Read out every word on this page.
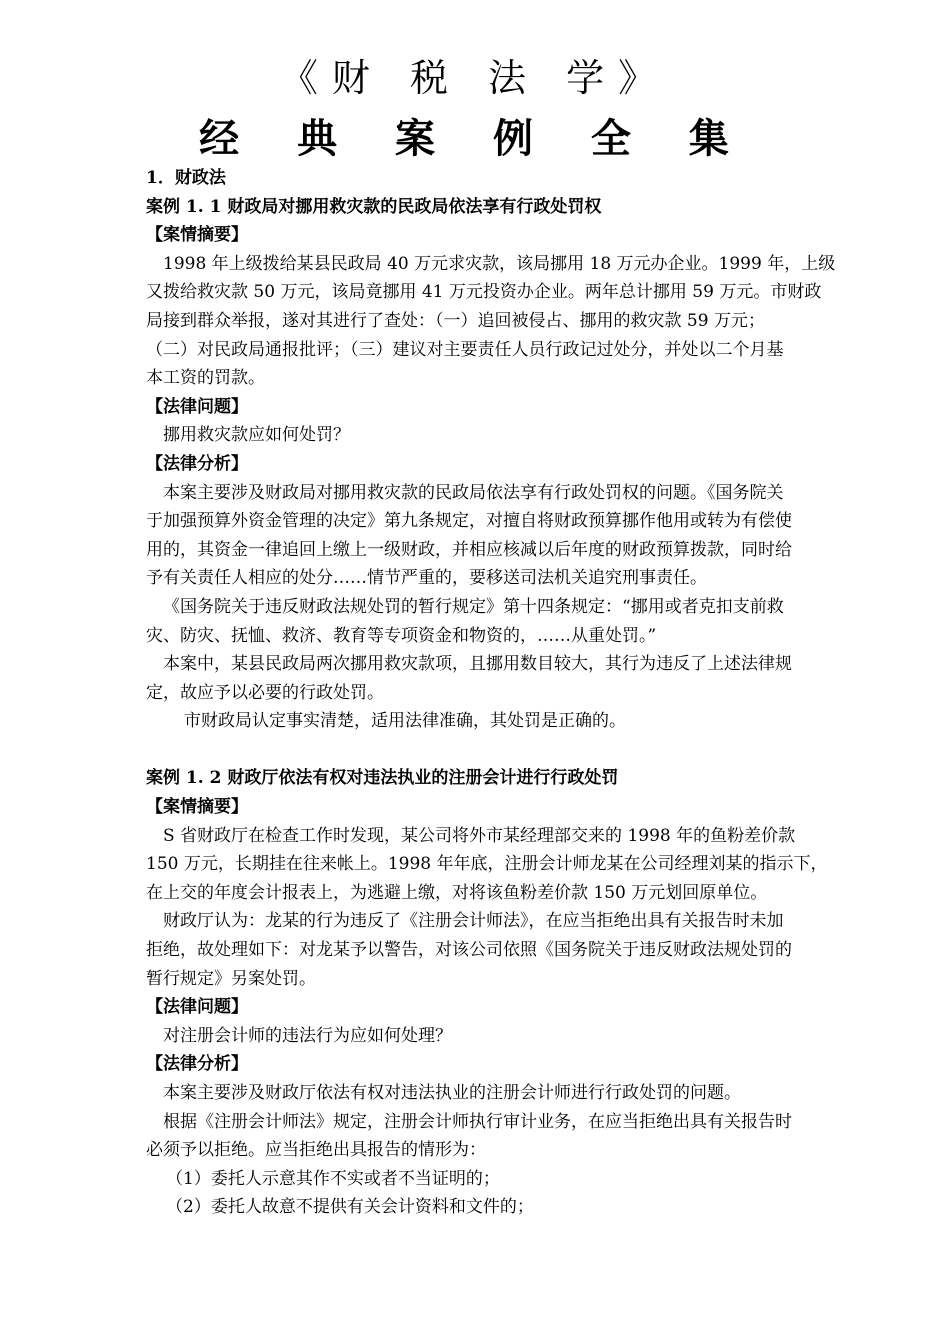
《财 税 法 学》
经 典 案 例 全 集
1．财政法
案例 1. 1 财政局对挪用救灾款的民政局依法享有行政处罚权
【案情摘要】
1998 年上级拨给某县民政局 40 万元求灾款，该局挪用 18 万元办企业。1999 年，上级
又拨给救灾款 50 万元，该局竟挪用 41 万元投资办企业。两年总计挪用 59 万元。市财政
局接到群众举报，遂对其进行了查处：（一）追回被侵占、挪用的救灾款 59 万元；
（二）对民政局通报批评；（三）建议对主要责任人员行政记过处分，并处以二个月基
本工资的罚款。
【法律问题】
挪用救灾款应如何处罚？
【法律分析】
本案主要涉及财政局对挪用救灾款的民政局依法享有行政处罚权的问题。《国务院关
于加强预算外资金管理的决定》第九条规定，对擅自将财政预算挪作他用或转为有偿使
用的，其资金一律追回上缴上一级财政，并相应核减以后年度的财政预算拨款，同时给
予有关责任人相应的处分……情节严重的，要移送司法机关追究刑事责任。
《国务院关于违反财政法规处罚的暂行规定》第十四条规定：“挪用或者克扣支前救
灾、防灾、抚恤、救济、教育等专项资金和物资的，……从重处罚。”
本案中，某县民政局两次挪用救灾款项，且挪用数目较大，其行为违反了上述法律规
定，故应予以必要的行政处罚。
市财政局认定事实清楚，适用法律准确，其处罚是正确的。
案例 1. 2 财政厅依法有权对违法执业的注册会计进行行政处罚
【案情摘要】
S 省财政厅在检查工作时发现，某公司将外市某经理部交来的 1998 年的鱼粉差价款
150 万元，长期挂在往来帐上。1998 年年底，注册会计师龙某在公司经理刘某的指示下，
在上交的年度会计报表上，为逃避上缴，对将该鱼粉差价款 150 万元划回原单位。
财政厅认为：龙某的行为违反了《注册会计师法》，在应当拒绝出具有关报告时未加
拒绝，故处理如下：对龙某予以警告，对该公司依照《国务院关于违反财政法规处罚的
暂行规定》另案处罚。
【法律问题】
对注册会计师的违法行为应如何处理？
【法律分析】
本案主要涉及财政厅依法有权对违法执业的注册会计师进行行政处罚的问题。
根据《注册会计师法》规定，注册会计师执行审计业务，在应当拒绝出具有关报告时
必须予以拒绝。应当拒绝出具报告的情形为：
（1）委托人示意其作不实或者不当证明的；
（2）委托人故意不提供有关会计资料和文件的；
